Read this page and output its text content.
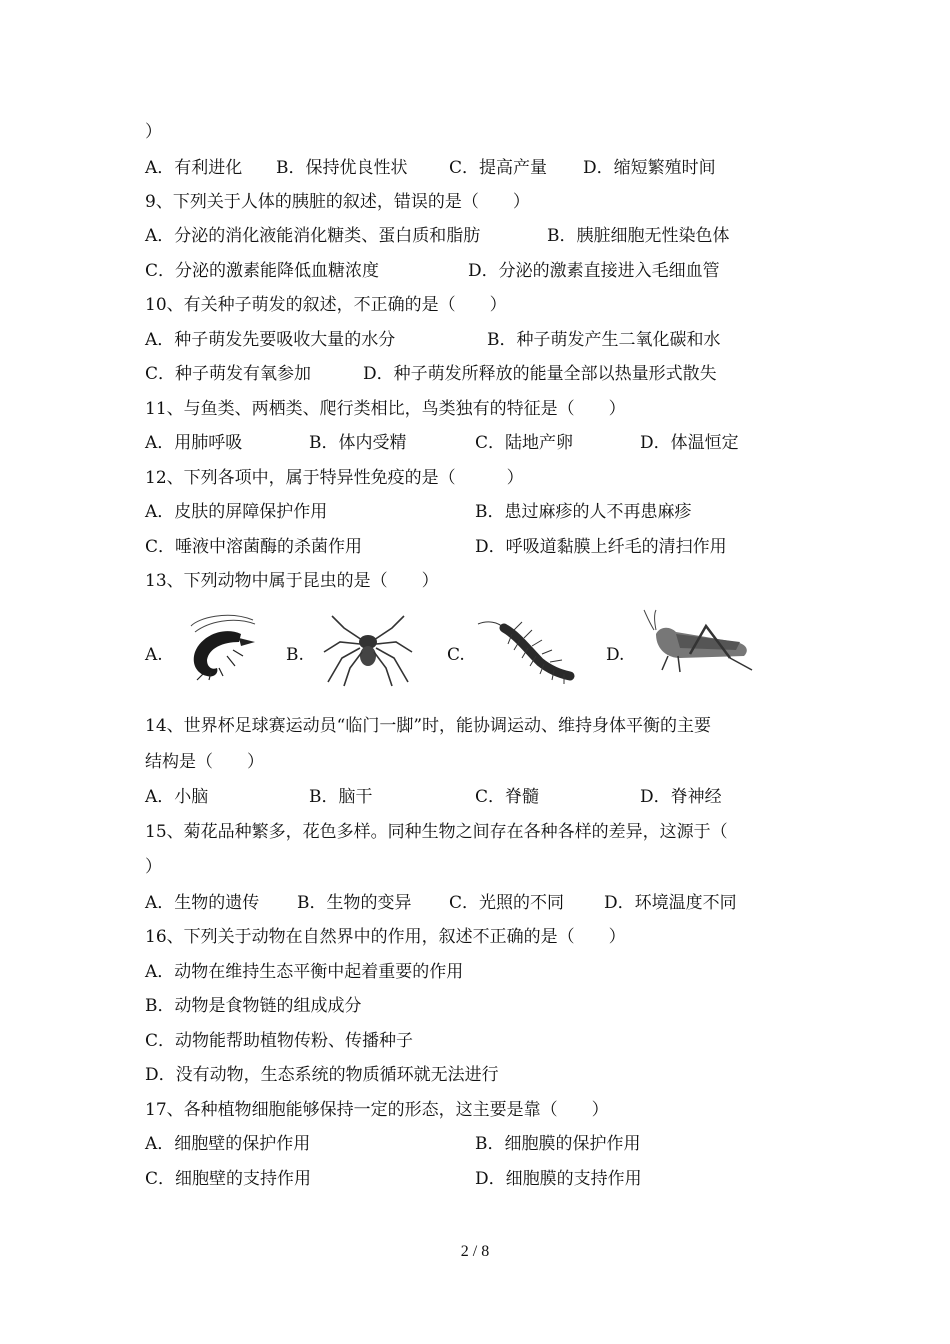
）
A．有利进化 B．保持优良性状 C．提高产量 D．缩短繁殖时间
9、下列关于人体的胰脏的叙述，错误的是（　　）
A．分泌的消化液能消化糖类、蛋白质和脂肪	B．胰脏细胞无性染色体
C．分泌的激素能降低血糖浓度	D．分泌的激素直接进入毛细血管
10、有关种子萌发的叙述，不正确的是（　　）
A．种子萌发先要吸收大量的水分	B．种子萌发产生二氧化碳和水
C．种子萌发有氧参加	D．种子萌发所释放的能量全部以热量形式散失
11、与鱼类、两栖类、爬行类相比，鸟类独有的特征是（　　）
A．用肺呼吸	B．体内受精	C．陆地产卵	D．体温恒定
12、下列各项中，属于特异性免疫的是（　　　）
A．皮肤的屏障保护作用	B．患过麻疹的人不再患麻疹
C．唾液中溶菌酶的杀菌作用	D．呼吸道黏膜上纤毛的清扫作用
13、下列动物中属于昆虫的是（　　）
A.	B.	C.	D.
14、世界杯足球赛运动员“临门一脚”时，能协调运动、维持身体平衡的主要
结构是（　　）
A．小脑	B．脑干	C．脊髓	D．脊神经
15、菊花品种繁多，花色多样。同种生物之间存在各种各样的差异，这源于（
）
A．生物的遗传 B．生物的变异 C．光照的不同 D．环境温度不同
16、下列关于动物在自然界中的作用，叙述不正确的是（　　）
A．动物在维持生态平衡中起着重要的作用
B．动物是食物链的组成成分
C．动物能帮助植物传粉、传播种子
D．没有动物，生态系统的物质循环就无法进行
17、各种植物细胞能够保持一定的形态，这主要是靠（　　）
A．细胞壁的保护作用	B．细胞膜的保护作用
C．细胞壁的支持作用	D．细胞膜的支持作用
2 / 8
